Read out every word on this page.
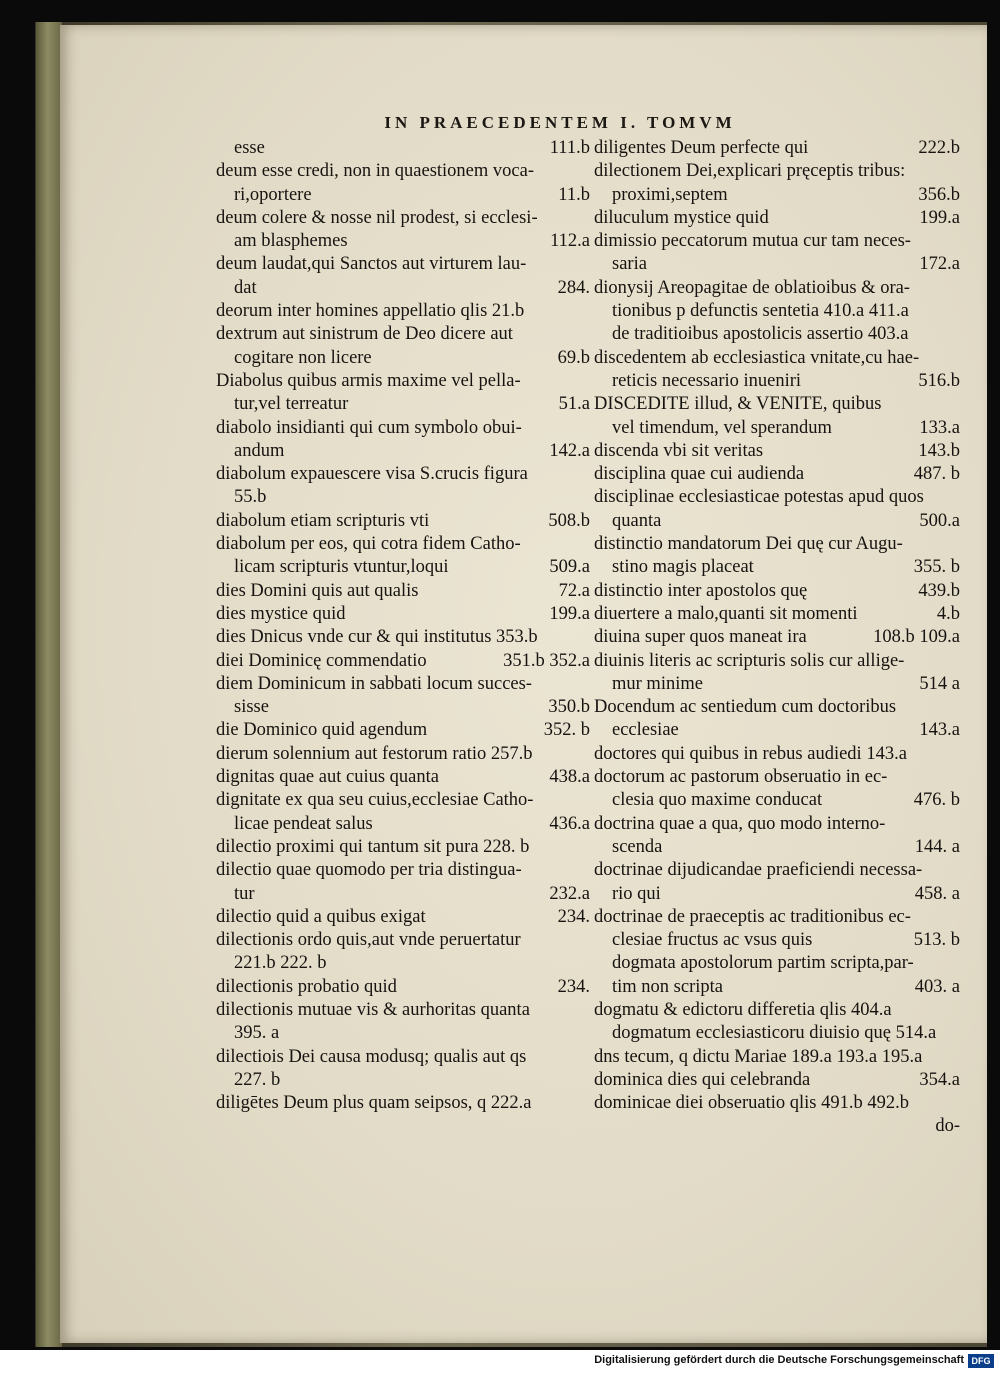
IN PRAECEDENTEM I. TOMVM
esse	111.b
deum esse credi, non in quaestionem voca-
ri,oportere	11.b
deum colere & nosse nil prodest, si ecclesi-
am blasphemes	112.a
deum laudat,qui Sanctos aut virturem lau-
dat	284.
deorum inter homines appellatio qlis 21.b
dextrum aut sinistrum de Deo dicere aut
cogitare non licere	69.b
Diabolus quibus armis maxime vel pella-
tur,vel terreatur	51.a
diabolo insidianti qui cum symbolo obui-
andum	142.a
diabolum expauescere visa S.crucis figura
55.b
diabolum etiam scripturis vti	508.b
diabolum per eos, qui cotra fidem Catho-
licam scripturis vtuntur,loqui	509.a
dies Domini quis aut qualis	72.a
dies mystice quid	199.a
dies Dnicus vnde cur & qui institutus 353.b
diei Dominicę commendatio	351.b 352.a
diem Dominicum in sabbati locum succes-
sisse	350.b
die Dominico quid agendum	352. b
dierum solennium aut festorum ratio 257.b
dignitas quae aut cuius quanta	438.a
dignitate ex qua seu cuius,ecclesiae Catho-
licae pendeat salus	436.a
dilectio proximi qui tantum sit pura 228. b
dilectio quae quomodo per tria distingua-
tur	232.a
dilectio quid a quibus exigat	234.
dilectionis ordo quis,aut vnde peruertatur
221.b 222. b
dilectionis probatio quid	234.
dilectionis mutuae vis & aurhoritas quanta
395. a
dilectiois Dei causa modusq; qualis aut qs
227. b
diligētes Deum plus quam seipsos, q 222.a
diligentes Deum perfecte qui	222.b
dilectionem Dei,explicari pręceptis tribus:
proximi,septem	356.b
diluculum mystice quid	199.a
dimissio peccatorum mutua cur tam neces-
saria	172.a
dionysij Areopagitae de oblatioibus & ora-
tionibus p defunctis sentetia 410.a 411.a
de traditioibus apostolicis assertio 403.a
discedentem ab ecclesiastica vnitate,cu hae-
reticis necessario inueniri	516.b
DISCEDITE illud, & VENITE, quibus
vel timendum, vel sperandum	133.a
discenda vbi sit veritas	143.b
disciplina quae cui audienda	487. b
disciplinae ecclesiasticae potestas apud quos
quanta	500.a
distinctio mandatorum Dei quę cur Augu-
stino magis placeat	355. b
distinctio inter apostolos quę	439.b
diuertere a malo,quanti sit momenti	4.b
diuina super quos maneat ira	108.b 109.a
diuinis literis ac scripturis solis cur allige-
mur minime	514 a
Docendum ac sentiedum cum doctoribus
ecclesiae	143.a
doctores qui quibus in rebus audiedi 143.a
doctorum ac pastorum obseruatio in ec-
clesia quo maxime conducat	476. b
doctrina quae a qua, quo modo interno-
scenda	144. a
doctrinae dijudicandae praeficiendi necessa-
rio qui	458. a
doctrinae de praeceptis ac traditionibus ec-
clesiae fructus ac vsus quis	513. b
dogmata apostolorum partim scripta,par-
tim non scripta	403. a
dogmatu & edictoru differetia qlis 404.a
dogmatum ecclesiasticoru diuisio quę 514.a
dns tecum, q dictu Mariae 189.a 193.a 195.a
dominica dies qui celebranda	354.a
dominicae diei obseruatio qlis 491.b 492.b
do-
Digitalisierung gefördert durch die Deutsche Forschungsgemeinschaft DFG
